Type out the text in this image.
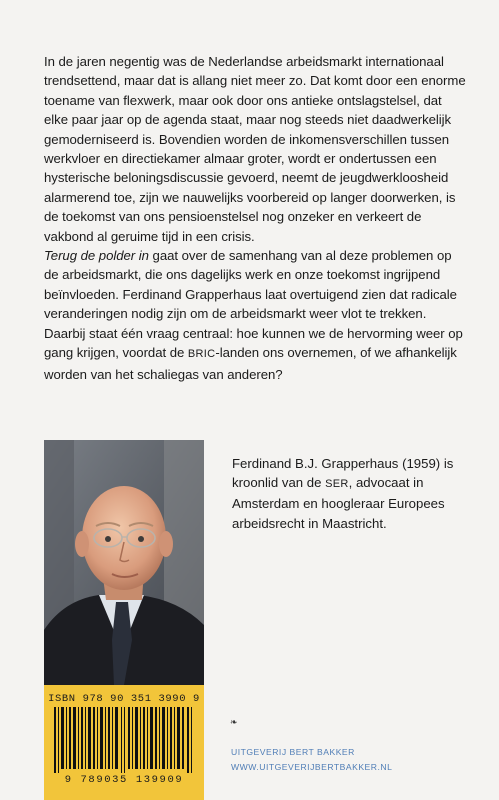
In de jaren negentig was de Nederlandse arbeidsmarkt internationaal trendsettend, maar dat is allang niet meer zo. Dat komt door een enorme toename van flexwerk, maar ook door ons antieke ontslagstelsel, dat elke paar jaar op de agenda staat, maar nog steeds niet daadwerkelijk gemoderniseerd is. Bovendien worden de inkomensverschillen tussen werkvloer en directiekamer almaar groter, wordt er ondertussen een hysterische beloningsdiscussie gevoerd, neemt de jeugdwerkloosheid alarmerend toe, zijn we nauwelijks voorbereid op langer doorwerken, is de toekomst van ons pensioenstelsel nog onzeker en verkeert de vakbond al geruime tijd in een crisis.

Terug de polder in gaat over de samenhang van al deze problemen op de arbeidsmarkt, die ons dagelijks werk en onze toekomst ingrijpend beïnvloeden. Ferdinand Grapperhaus laat overtuigend zien dat radicale veranderingen nodig zijn om de arbeidsmarkt weer vlot te trekken. Daarbij staat één vraag centraal: hoe kunnen we de hervorming weer op gang krijgen, voordat de BRIC-landen ons overnemen, of we afhankelijk worden van het schaliegas van anderen?

ISBN 978 90 351 3990 9
9 789035 139909

Ferdinand B.J. Grapperhaus (1959) is kroonlid van de SER, advocaat in Amsterdam en hoogleraar Europees arbeidsrecht in Maastricht.

❧
UITGEVERIJ BERT BAKKER
WWW.UITGEVERIJBERTBAKKER.NL
